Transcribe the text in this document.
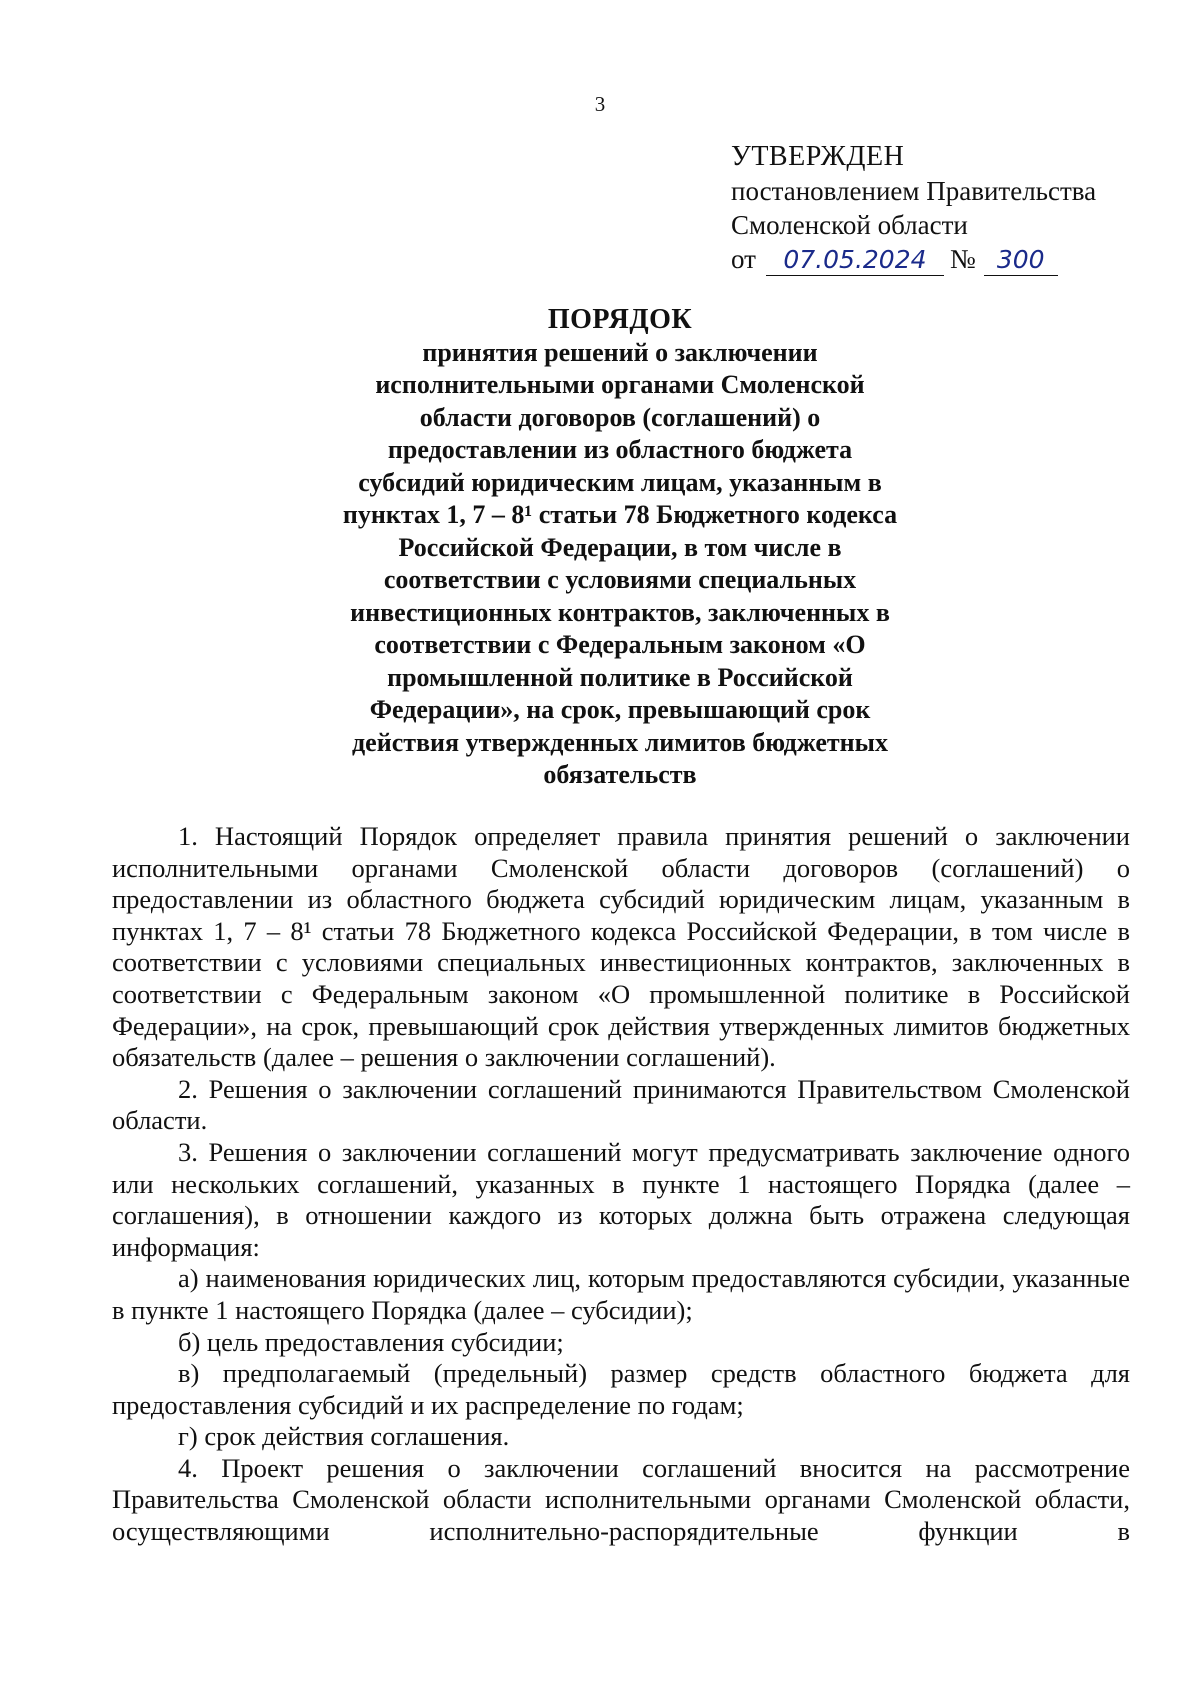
3
УТВЕРЖДЕН
постановлением Правительства
Смоленской области
от 07.05.2024 № 300
ПОРЯДОК
принятия решений о заключении
исполнительными органами Смоленской
области договоров (соглашений) о
предоставлении из областного бюджета
субсидий юридическим лицам, указанным в
пунктах 1, 7 – 8¹ статьи 78 Бюджетного кодекса
Российской Федерации, в том числе в
соответствии с условиями специальных
инвестиционных контрактов, заключенных в
соответствии с Федеральным законом «О
промышленной политике в Российской
Федерации», на срок, превышающий срок
действия утвержденных лимитов бюджетных
обязательств

1. Настоящий Порядок определяет правила принятия решений о заключении исполнительными органами Смоленской области договоров (соглашений) о предоставлении из областного бюджета субсидий юридическим лицам, указанным в пунктах 1, 7 – 8¹ статьи 78 Бюджетного кодекса Российской Федерации, в том числе в соответствии с условиями специальных инвестиционных контрактов, заключенных в соответствии с Федеральным законом «О промышленной политике в Российской Федерации», на срок, превышающий срок действия утвержденных лимитов бюджетных обязательств (далее – решения о заключении соглашений).

2. Решения о заключении соглашений принимаются Правительством Смоленской области.

3. Решения о заключении соглашений могут предусматривать заключение одного или нескольких соглашений, указанных в пункте 1 настоящего Порядка (далее – соглашения), в отношении каждого из которых должна быть отражена следующая информация:

а) наименования юридических лиц, которым предоставляются субсидии, указанные в пункте 1 настоящего Порядка (далее – субсидии);

б) цель предоставления субсидии;

в) предполагаемый (предельный) размер средств областного бюджета для предоставления субсидий и их распределение по годам;

г) срок действия соглашения.

4. Проект решения о заключении соглашений вносится на рассмотрение Правительства Смоленской области исполнительными органами Смоленской области, осуществляющими исполнительно-распорядительные функции в
